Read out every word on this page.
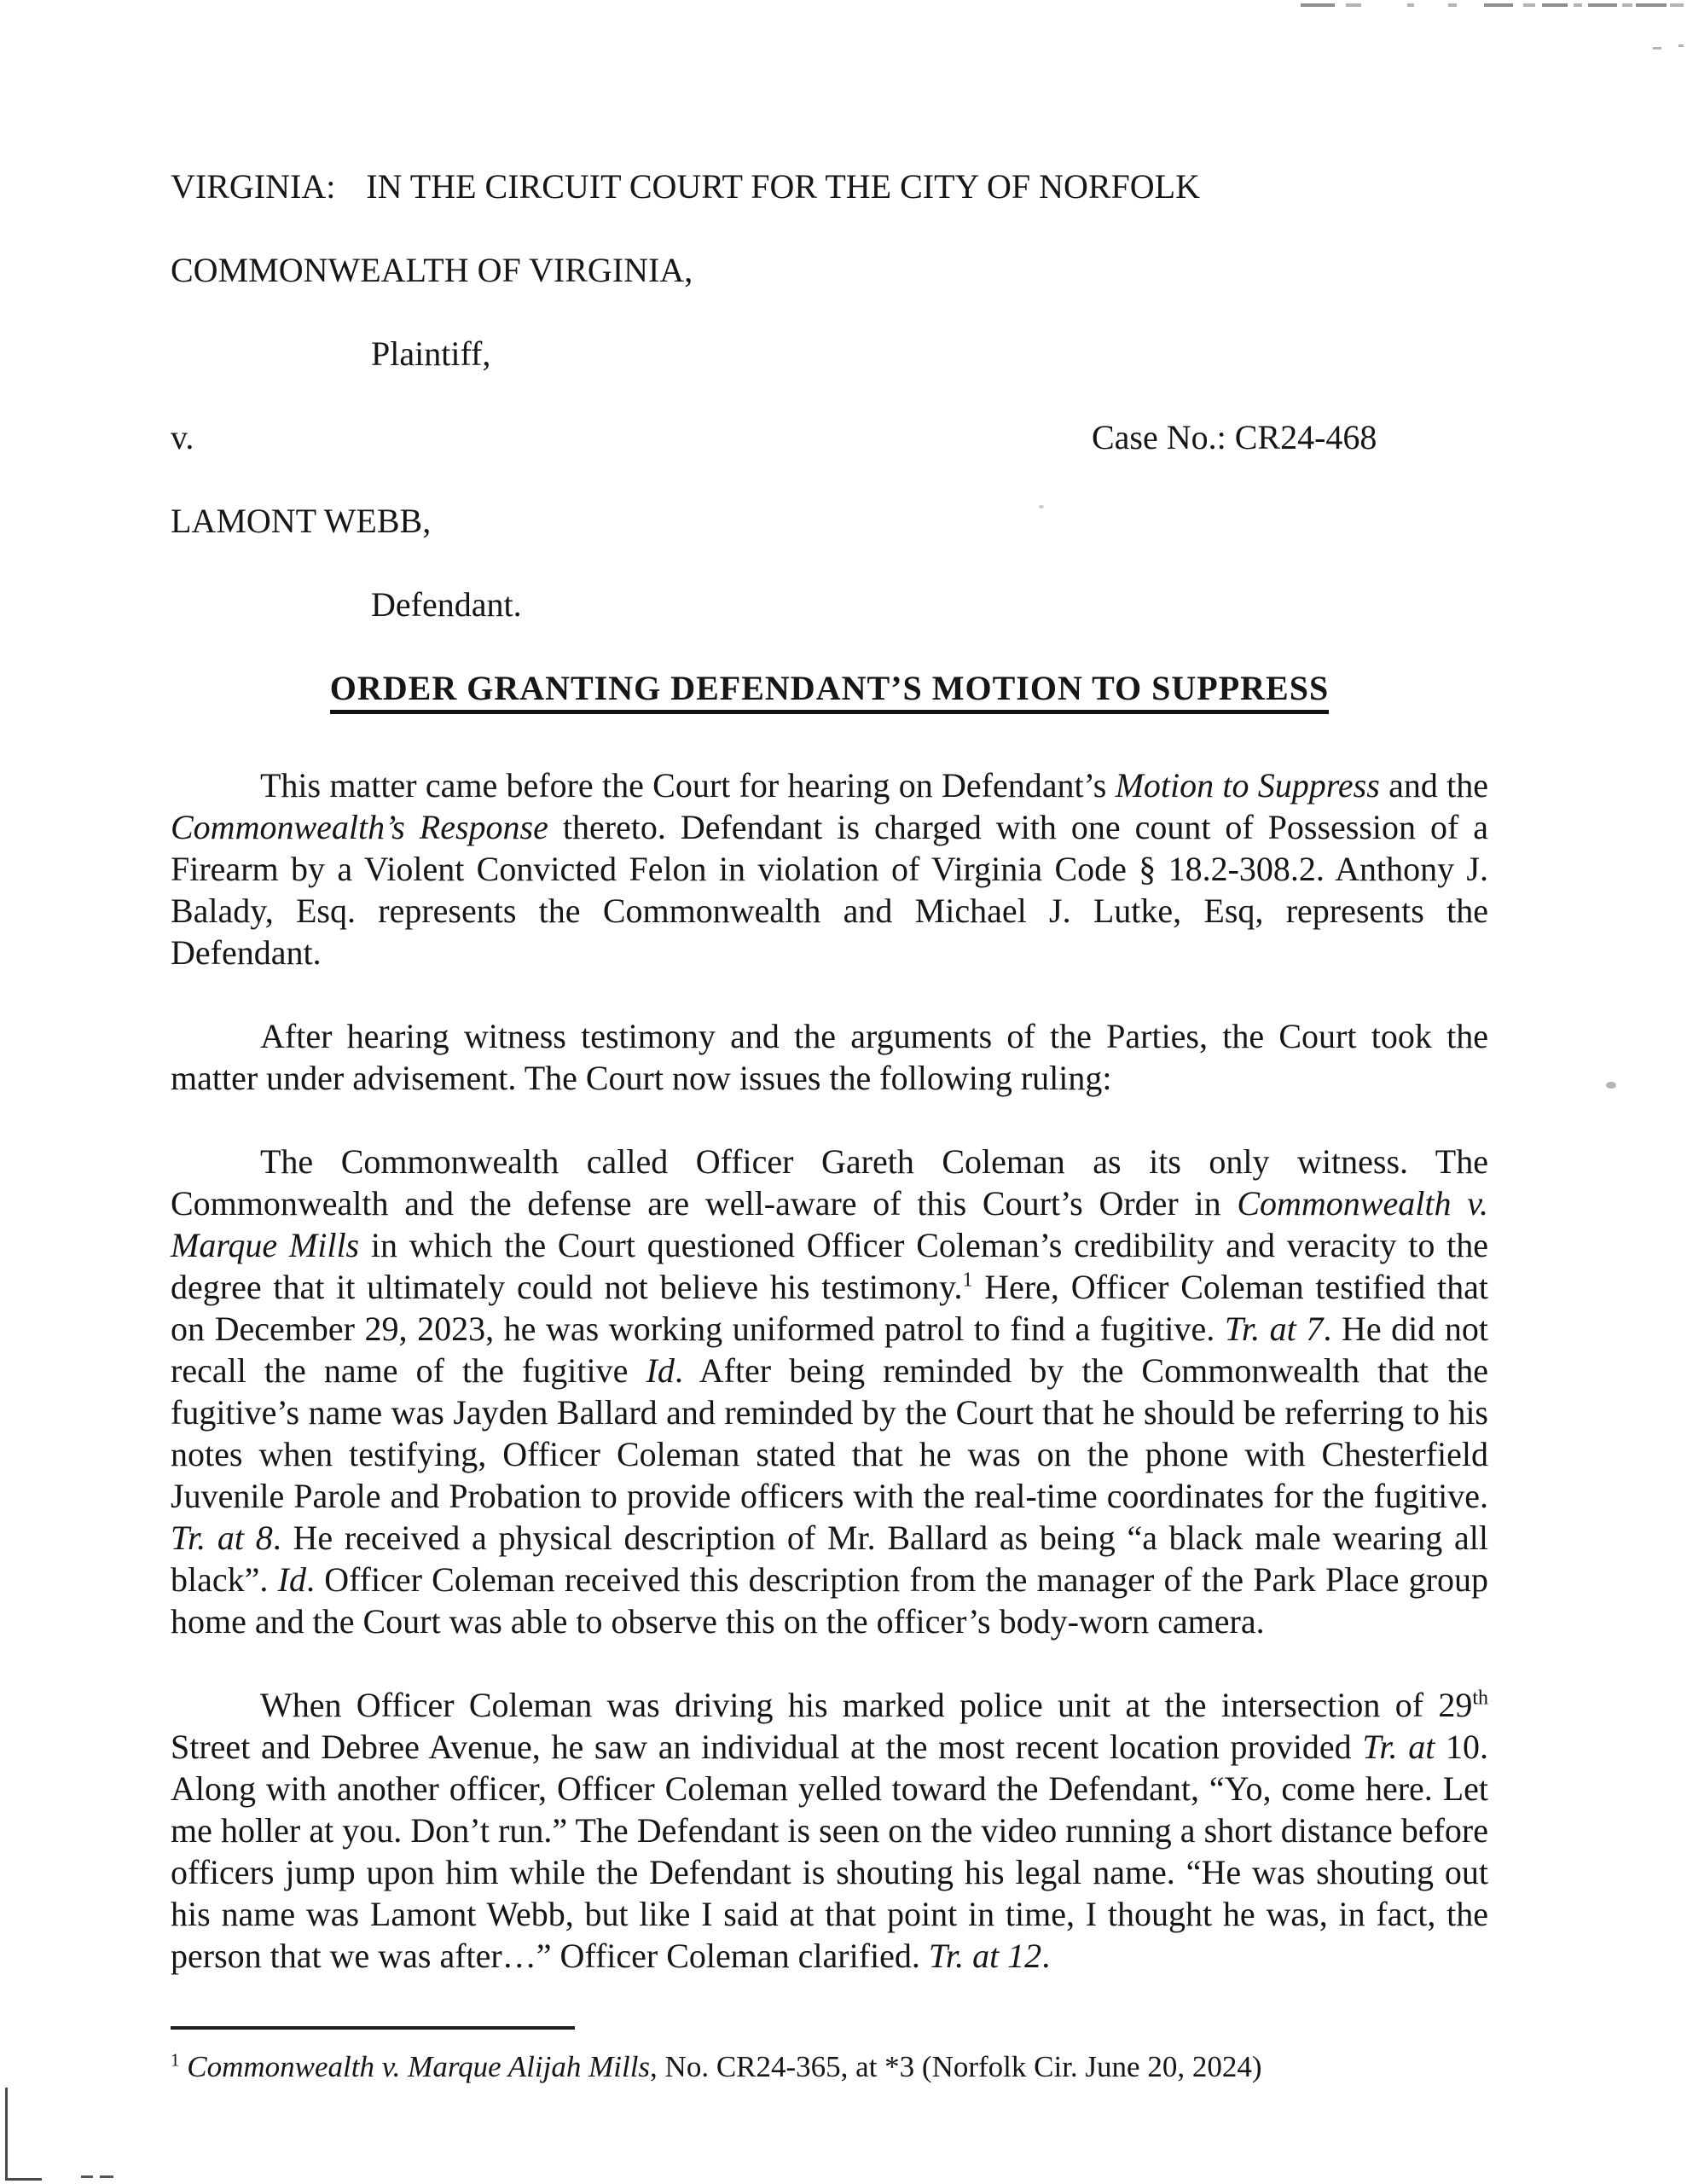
VIRGINIA: IN THE CIRCUIT COURT FOR THE CITY OF NORFOLK
COMMONWEALTH OF VIRGINIA,
Plaintiff,
v.	Case No.: CR24-468
LAMONT WEBB,
Defendant.
ORDER GRANTING DEFENDANT’S MOTION TO SUPPRESS

This matter came before the Court for hearing on Defendant’s Motion to Suppress and the Commonwealth’s Response thereto. Defendant is charged with one count of Possession of a Firearm by a Violent Convicted Felon in violation of Virginia Code § 18.2-308.2. Anthony J. Balady, Esq. represents the Commonwealth and Michael J. Lutke, Esq, represents the Defendant.

After hearing witness testimony and the arguments of the Parties, the Court took the matter under advisement. The Court now issues the following ruling:

The Commonwealth called Officer Gareth Coleman as its only witness. The Commonwealth and the defense are well-aware of this Court’s Order in Commonwealth v. Marque Mills in which the Court questioned Officer Coleman’s credibility and veracity to the degree that it ultimately could not believe his testimony.$^1$ Here, Officer Coleman testified that on December 29, 2023, he was working uniformed patrol to find a fugitive. Tr. at 7. He did not recall the name of the fugitive Id. After being reminded by the Commonwealth that the fugitive’s name was Jayden Ballard and reminded by the Court that he should be referring to his notes when testifying, Officer Coleman stated that he was on the phone with Chesterfield Juvenile Parole and Probation to provide officers with the real-time coordinates for the fugitive. Tr. at 8. He received a physical description of Mr. Ballard as being “a black male wearing all black”. Id. Officer Coleman received this description from the manager of the Park Place group home and the Court was able to observe this on the officer’s body-worn camera.

When Officer Coleman was driving his marked police unit at the intersection of 29th Street and Debree Avenue, he saw an individual at the most recent location provided Tr. at 10. Along with another officer, Officer Coleman yelled toward the Defendant, “Yo, come here. Let me holler at you. Don’t run.” The Defendant is seen on the video running a short distance before officers jump upon him while the Defendant is shouting his legal name. “He was shouting out his name was Lamont Webb, but like I said at that point in time, I thought he was, in fact, the person that we was after…” Officer Coleman clarified. Tr. at 12.

$^1$ Commonwealth v. Marque Alijah Mills, No. CR24-365, at *3 (Norfolk Cir. June 20, 2024)
